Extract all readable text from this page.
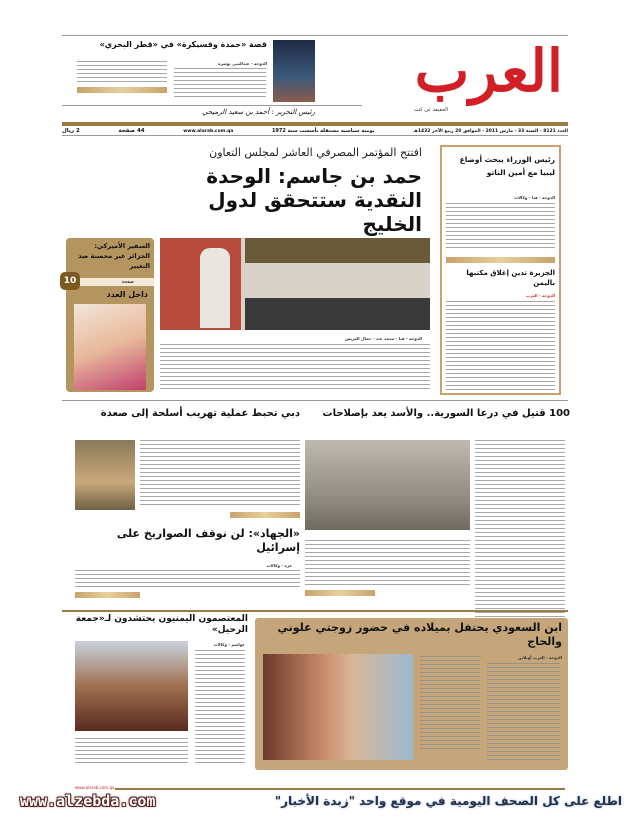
العرب
الحقيقة عن كثب
قصة «حمدة وفسيكرة» في «قطر البحري»
الدوحة - عبدالغني بوضرة
رئيس التحرير : أحمد بن سعيد الرميحي
العدد 8121 - السنة 33 - مارس 2011 - الموافق 20 ربيع الآخر 1432هـ
يومية سياسية مستقلة تأسست سنة 1972
www.alarab.com.qa
44 صفحة
2 ريال
رئيس الوزراء يبحث أوضاع ليبيا مع أمين الناتو
الدوحة - قنا - وكالات
الجزيرة تدين إغلاق مكتبها باليمن
الدوحة - العرب
افتتح المؤتمر المصرفي العاشر لمجلس التعاون
حمد بن جاسم: الوحدة النقدية ستتحقق لدول الخليج
الدوحة - قنا - محمد عبد - جمال العريض
السفير الأميركي: الجزائر غير محصنة ضد التغيير
صفحة
10
داخل العدد
100 قتيل في درعا السورية.. والأسد يعد بإصلاحات
دبي تحبط عملية تهريب أسلحة إلى صعدة
«الجهاد»: لن نوقف الصواريخ على إسرائيل
غزة - وكالات
المعتصمون اليمنيون يحتشدون لـ«جمعة الرحيل»
عواصم - وكالات
ابن السعودي يحتفل بميلاده في حضور زوجتي علوني والحاج
الدوحة - العرب أونلاين
www.alarab.com.qa
اطلع على كل الصحف اليومية في موقع واحد "زبدة الأخبار"
www.alzebda.com
